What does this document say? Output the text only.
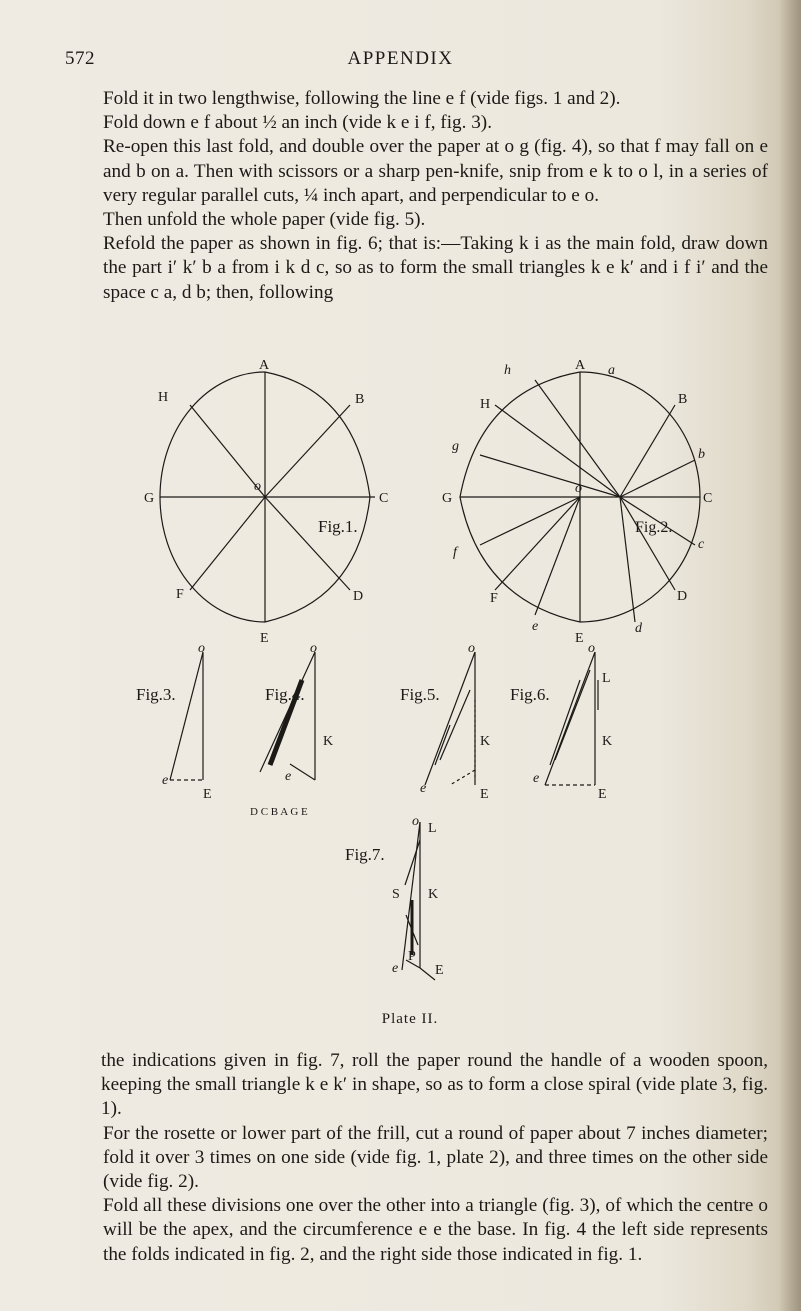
572	APPENDIX

Fold it in two lengthwise, following the line e f (vide figs. 1 and 2).

Fold down e f about ½ an inch (vide k e i f, fig. 3).

Re-open this last fold, and double over the paper at o g (fig. 4), so that f may fall on e and b on a. Then with scissors or a sharp pen-knife, snip from e k to o l, in a series of very regular parallel cuts, ¼ inch apart, and perpendicular to e o.

Then unfold the whole paper (vide fig. 5).

Refold the paper as shown in fig. 6; that is:—Taking k i as the main fold, draw down the part i′ k′ b a from i k d c, so as to form the small triangles k e k′ and i f i′ and the space c a, d b; then, following

A
H	B
o
G	C
Fig.1.
F	D
E
A
h	a
H	B
g
b
o
G	C
Fig.2.
c
f
F	D
e	d
E
Fig.3.
o
e
E
Fig.4.
o
K
e
D C B A G E
Fig.5.
o
K
e	E
Fig.6.
o
L
K
e
E
Fig.7.
o L
K
S
P
e	E
Plate II.

the indications given in fig. 7, roll the paper round the handle of a wooden spoon, keeping the small triangle k e k′ in shape, so as to form a close spiral (vide plate 3, fig. 1).

For the rosette or lower part of the frill, cut a round of paper about 7 inches diameter; fold it over 3 times on one side (vide fig. 1, plate 2), and three times on the other side (vide fig. 2).

Fold all these divisions one over the other into a triangle (fig. 3), of which the centre o will be the apex, and the circumference e e the base. In fig. 4 the left side represents the folds indicated in fig. 2, and the right side those indicated in fig. 1.
